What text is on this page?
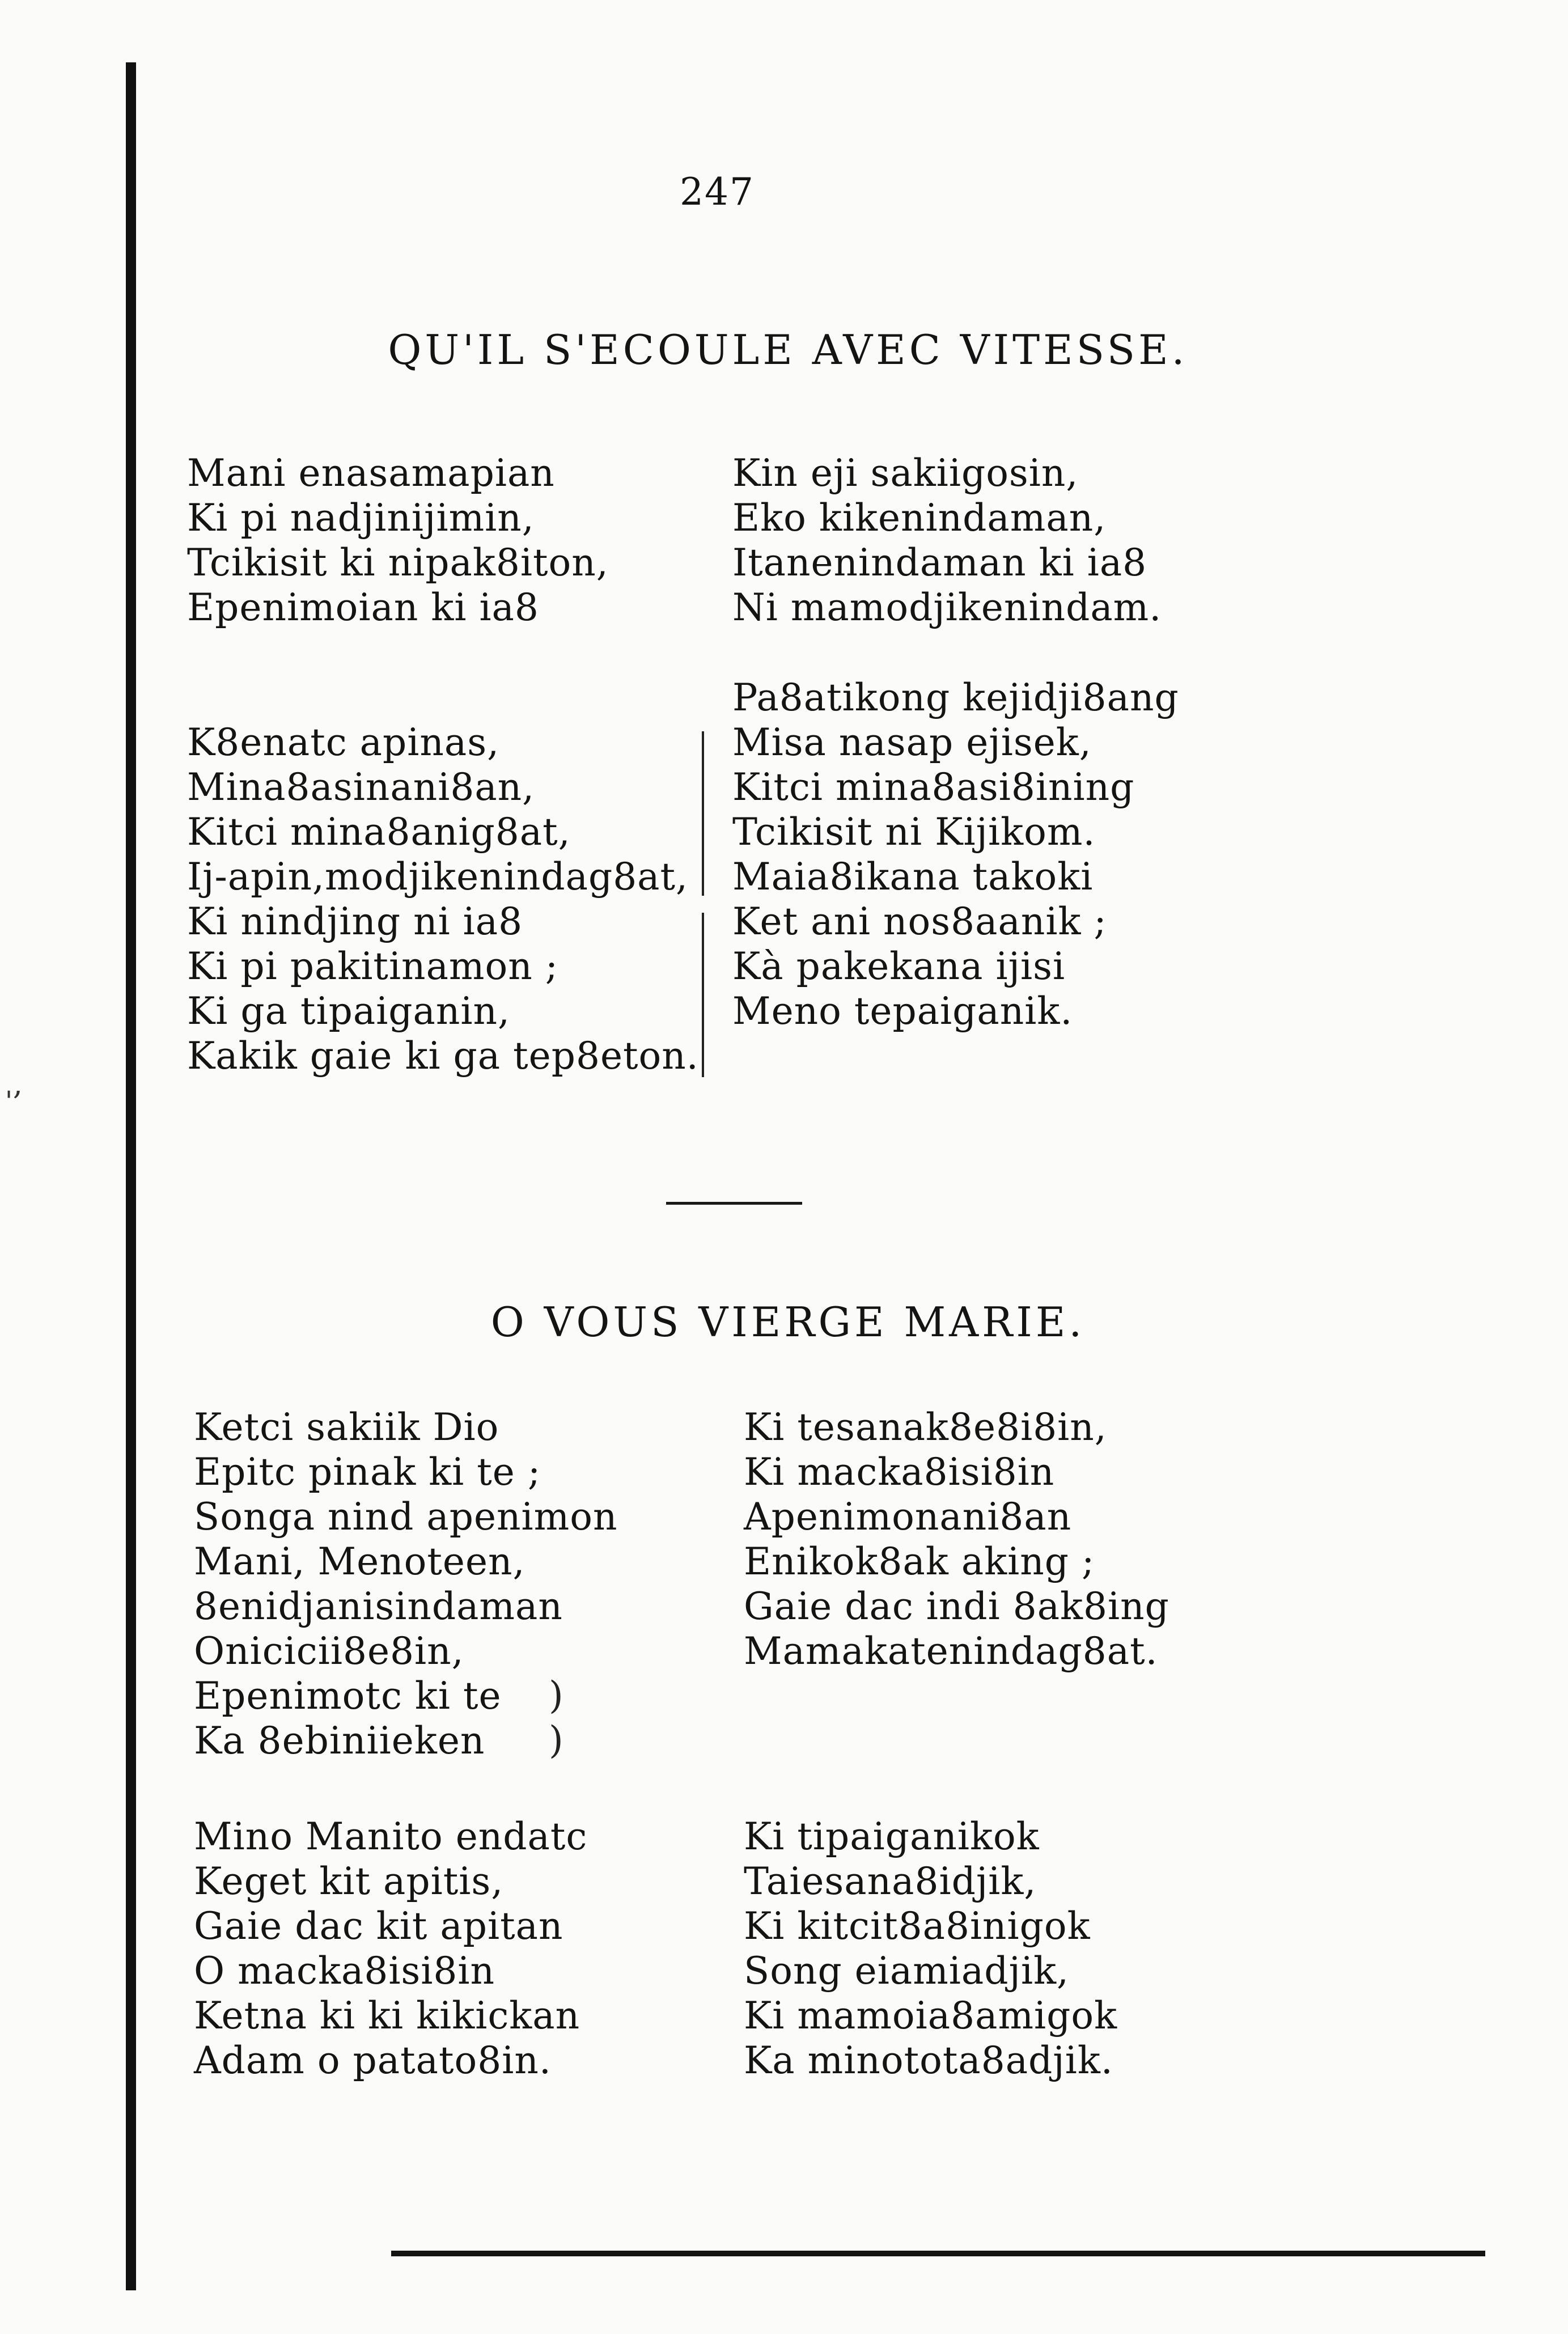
ˌ,
247
QU'IL S'ECOULE AVEC VITESSE.
Mani enasamapian
Ki pi nadjinijimin,
Tcikisit ki nipak8iton,
Epenimoian ki ia8
Kin eji sakiigosin,
Eko kikenindaman,
Itanenindaman ki ia8
Ni mamodjikenindam.
K8enatc apinas,
Mina8asinani8an,
Kitci mina8anig8at,
Ij-apin,modjikenindag8at,
Ki nindjing ni ia8
Ki pi pakitinamon ;
Ki ga tipaiganin,
Kakik gaie ki ga tep8eton.
Pa8atikong kejidji8ang
Misa nasap ejisek,
Kitci mina8asi8ining
Tcikisit ni Kijikom.
Maia8ikana takoki
Ket ani nos8aanik ;
Kà pakekana ijisi
Meno tepaiganik.
O VOUS VIERGE MARIE.
Ketci sakiik Dio
Epitc pinak ki te ;
Songa nind apenimon
Mani, Menoteen,
8enidjanisindaman
Onicicii8e8in,
Epenimotc ki te
Ka 8ebiniieken
Ki tesanak8e8i8in,
Ki macka8isi8in
Apenimonani8an
Enikok8ak aking ;
Gaie dac indi 8ak8ing
Mamakatenindag8at.
)
)
Mino Manito endatc
Keget kit apitis,
Gaie dac kit apitan
O macka8isi8in
Ketna ki ki kikickan
Adam o patato8in.
Ki tipaiganikok
Taiesana8idjik,
Ki kitcit8a8inigok
Song eiamiadjik,
Ki mamoia8amigok
Ka minotota8adjik.
